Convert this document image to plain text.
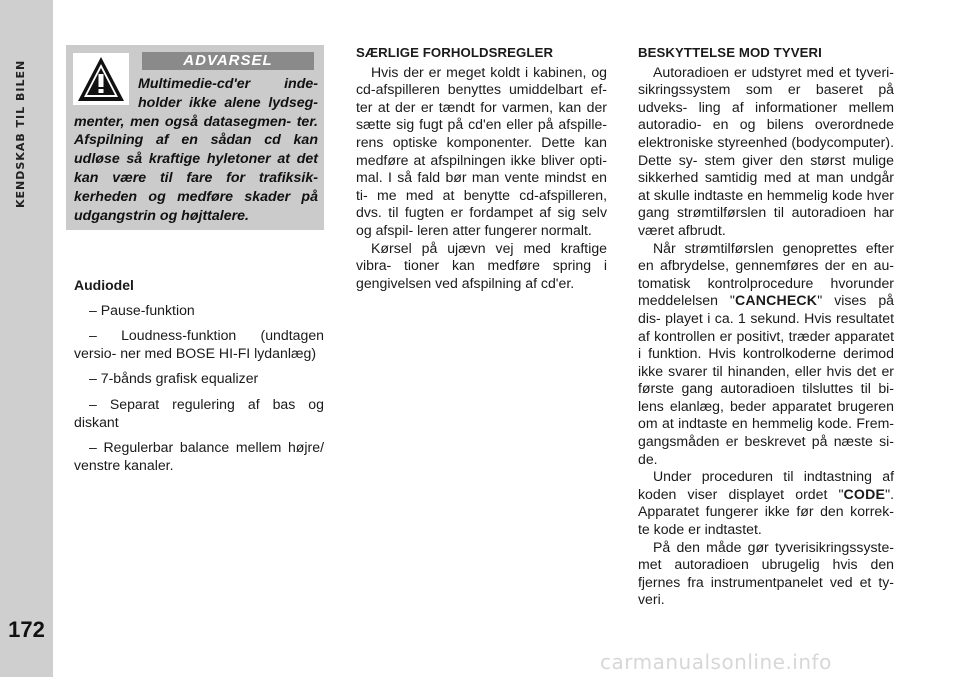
KENDSKAB TIL BILEN
172
ADVARSEL
Multimedie-cd'er inde- holder ikke alene lydseg- menter, men også datasegmen- ter. Afspilning af en sådan cd kan udløse så kraftige hyletoner at det kan være til fare for trafiksik- kerheden og medføre skader på udgangstrin og højttalere.
Audiodel
– Pause-funktion
– Loudness-funktion (undtagen versio- ner med BOSE HI-FI lydanlæg)
– 7-bånds grafisk equalizer
– Separat regulering af bas og diskant
– Regulerbar balance mellem højre/ venstre kanaler.
SÆRLIGE FORHOLDSREGLER

Hvis der er meget koldt i kabinen, og cd-afspilleren benyttes umiddelbart ef- ter at der er tændt for varmen, kan der sætte sig fugt på cd'en eller på afspille- rens optiske komponenter. Dette kan medføre at afspilningen ikke bliver opti- mal. I så fald bør man vente mindst en ti- me med at benytte cd-afspilleren, dvs. til fugten er fordampet af sig selv og afspil- leren atter fungerer normalt.

Kørsel på ujævn vej med kraftige vibra- tioner kan medføre spring i gengivelsen ved afspilning af cd'er.

BESKYTTELSE MOD TYVERI

Autoradioen er udstyret med et tyveri- sikringssystem som er baseret på udveks- ling af informationer mellem autoradio- en og bilens overordnede elektroniske styreenhed (bodycomputer). Dette sy- stem giver den størst mulige sikkerhed samtidig med at man undgår at skulle indtaste en hemmelig kode hver gang strømtilførslen til autoradioen har været afbrudt.

Når strømtilførslen genoprettes efter en afbrydelse, gennemføres der en au- tomatisk kontrolprocedure hvorunder meddelelsen "CANCHECK" vises på dis- playet i ca. 1 sekund. Hvis resultatet af kontrollen er positivt, træder apparatet i funktion. Hvis kontrolkoderne derimod ikke svarer til hinanden, eller hvis det er første gang autoradioen tilsluttes til bi- lens elanlæg, beder apparatet brugeren om at indtaste en hemmelig kode. Frem- gangsmåden er beskrevet på næste si- de.

Under proceduren til indtastning af koden viser displayet ordet "CODE". Apparatet fungerer ikke før den korrek- te kode er indtastet.

På den måde gør tyverisikringssyste- met autoradioen ubrugelig hvis den fjernes fra instrumentpanelet ved et ty- veri.

carmanualsonline.info
